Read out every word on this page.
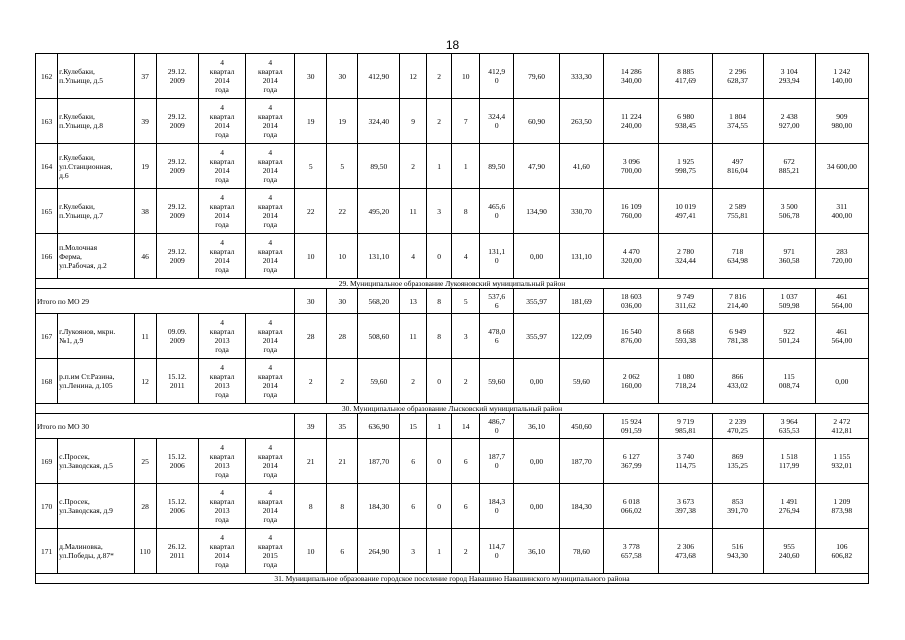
18
162	г.Кулебаки,
п.Ульище, д.5	37	29.12.
2009	4
квартал
2014
года	4
квартал
2014
года	30	30	412,90	12	2	10	412,9
0	79,60	333,30	14 286
340,00	8 885
417,69	2 296
628,37	3 104
293,94	1 242
140,00

163	г.Кулебаки,
п.Ульище, д.8	39	29.12.
2009	4
квартал
2014
года	4
квартал
2014
года	19	19	324,40	9	2	7	324,4
0	60,90	263,50	11 224
240,00	6 980
938,45	1 804
374,55	2 438
927,00	909
980,00

164	г.Кулебаки,
ул.Станционная,
д.6	19	29.12.
2009	4
квартал
2014
года	4
квартал
2014
года	5	5	89,50	2	1	1	89,50	47,90	41,60	3 096
700,00	1 925
998,75	497
816,04	672
885,21	34 600,00

165	г.Кулебаки,
п.Ульище, д.7	38	29.12.
2009	4
квартал
2014
года	4
квартал
2014
года	22	22	495,20	11	3	8	465,6
0	134,90	330,70	16 109
760,00	10 019
497,41	2 589
755,81	3 500
506,78	311
400,00

166	п.Молочная
Ферма,
ул.Рабочая, д.2	46	29.12.
2009	4
квартал
2014
года	4
квартал
2014
года	10	10	131,10	4	0	4	131,1
0	0,00	131,10	4 470
320,00	2 780
324,44	718
634,98	971
360,58	283
720,00

29. Муниципальное образование Лукояновский муниципальный район																			
Итого по МО 29						30	30	568,20	13	8	5	537,6
6	355,97	181,69	18 603
036,00	9 749
311,62	7 816
214,40	1 037
509,98	461
564,00

167	г.Лукоянов, мкрн.
№1, д.9	11	09.09.
2009	4
квартал
2013
года	4
квартал
2014
года	28	28	508,60	11	8	3	478,0
6	355,97	122,09	16 540
876,00	8 668
593,38	6 949
781,38	922
501,24	461
564,00

168	р.п.им Ст.Разина,
ул.Ленина, д.105	12	15.12.
2011	4
квартал
2013
года	4
квартал
2014
года	2	2	59,60	2	0	2	59,60	0,00	59,60	2 062
160,00	1 080
718,24	866
433,02	115
008,74	0,00

30. Муниципальное образование Лысковский муниципальный район																			
Итого по МО 30						39	35	636,90	15	1	14	486,7
0	36,10	450,60	15 924
091,59	9 719
985,81	2 239
470,25	3 964
635,53	2 472
412,81

169	с.Просек,
ул.Заводская, д.5	25	15.12.
2006	4
квартал
2013
года	4
квартал
2014
года	21	21	187,70	6	0	6	187,7
0	0,00	187,70	6 127
367,99	3 740
114,75	869
135,25	1 518
117,99	1 155
932,01

170	с.Просек,
ул.Заводская, д.9	28	15.12.
2006	4
квартал
2013
года	4
квартал
2014
года	8	8	184,30	6	0	6	184,3
0	0,00	184,30	6 018
066,02	3 673
397,38	853
391,70	1 491
276,94	1 209
873,98

171	д.Малиновка,
ул.Победы, д.87*	110	26.12.
2011	4
квартал
2014
года	4
квартал
2015
года	10	6	264,90	3	1	2	114,7
0	36,10	78,60	3 778
657,58	2 306
473,68	516
943,30	955
240,60	106
606,82

31. Муниципальное образование городское поселение город Навашино Навашинского муниципального района																			
